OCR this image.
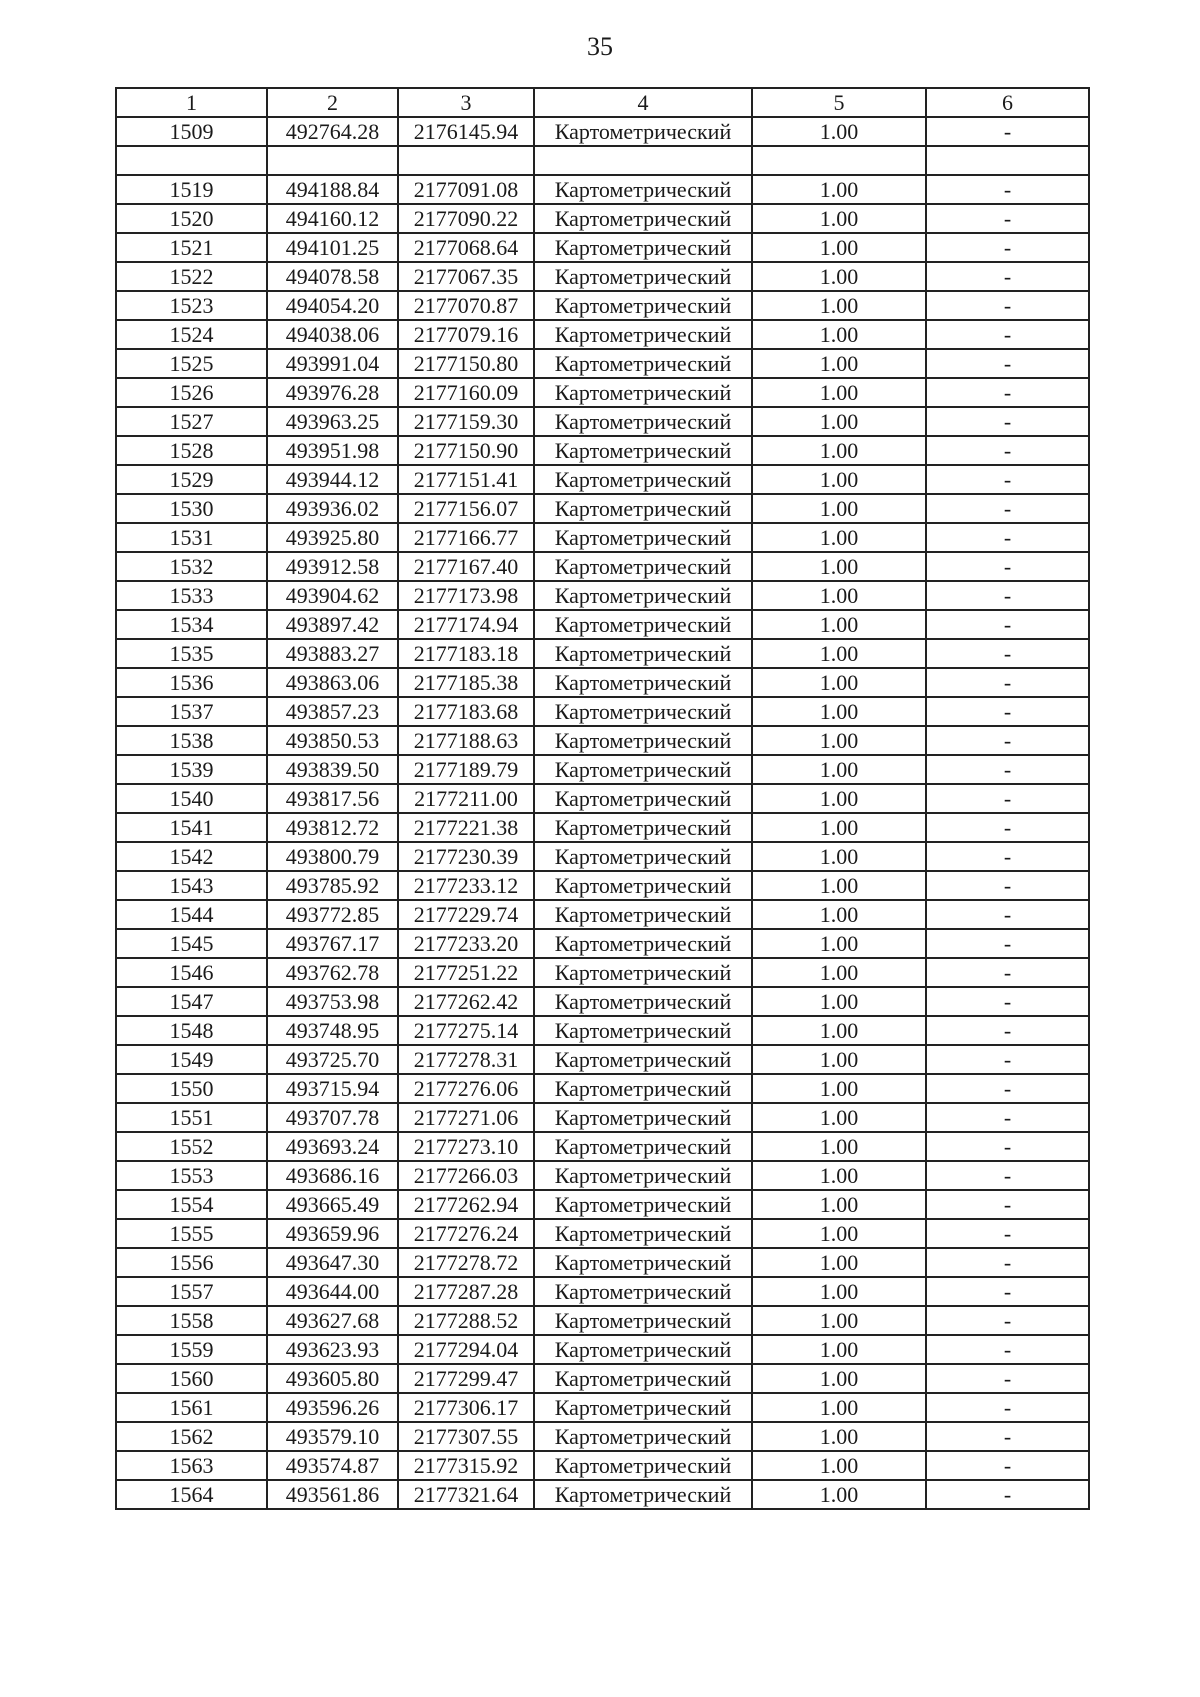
35
1	2	3	4	5	6
1509	492764.28	2176145.94	Картометрический	1.00	-

1519	494188.84	2177091.08	Картометрический	1.00	-
1520	494160.12	2177090.22	Картометрический	1.00	-
1521	494101.25	2177068.64	Картометрический	1.00	-
1522	494078.58	2177067.35	Картометрический	1.00	-
1523	494054.20	2177070.87	Картометрический	1.00	-
1524	494038.06	2177079.16	Картометрический	1.00	-
1525	493991.04	2177150.80	Картометрический	1.00	-
1526	493976.28	2177160.09	Картометрический	1.00	-
1527	493963.25	2177159.30	Картометрический	1.00	-
1528	493951.98	2177150.90	Картометрический	1.00	-
1529	493944.12	2177151.41	Картометрический	1.00	-
1530	493936.02	2177156.07	Картометрический	1.00	-
1531	493925.80	2177166.77	Картометрический	1.00	-
1532	493912.58	2177167.40	Картометрический	1.00	-
1533	493904.62	2177173.98	Картометрический	1.00	-
1534	493897.42	2177174.94	Картометрический	1.00	-
1535	493883.27	2177183.18	Картометрический	1.00	-
1536	493863.06	2177185.38	Картометрический	1.00	-
1537	493857.23	2177183.68	Картометрический	1.00	-
1538	493850.53	2177188.63	Картометрический	1.00	-
1539	493839.50	2177189.79	Картометрический	1.00	-
1540	493817.56	2177211.00	Картометрический	1.00	-
1541	493812.72	2177221.38	Картометрический	1.00	-
1542	493800.79	2177230.39	Картометрический	1.00	-
1543	493785.92	2177233.12	Картометрический	1.00	-
1544	493772.85	2177229.74	Картометрический	1.00	-
1545	493767.17	2177233.20	Картометрический	1.00	-
1546	493762.78	2177251.22	Картометрический	1.00	-
1547	493753.98	2177262.42	Картометрический	1.00	-
1548	493748.95	2177275.14	Картометрический	1.00	-
1549	493725.70	2177278.31	Картометрический	1.00	-
1550	493715.94	2177276.06	Картометрический	1.00	-
1551	493707.78	2177271.06	Картометрический	1.00	-
1552	493693.24	2177273.10	Картометрический	1.00	-
1553	493686.16	2177266.03	Картометрический	1.00	-
1554	493665.49	2177262.94	Картометрический	1.00	-
1555	493659.96	2177276.24	Картометрический	1.00	-
1556	493647.30	2177278.72	Картометрический	1.00	-
1557	493644.00	2177287.28	Картометрический	1.00	-
1558	493627.68	2177288.52	Картометрический	1.00	-
1559	493623.93	2177294.04	Картометрический	1.00	-
1560	493605.80	2177299.47	Картометрический	1.00	-
1561	493596.26	2177306.17	Картометрический	1.00	-
1562	493579.10	2177307.55	Картометрический	1.00	-
1563	493574.87	2177315.92	Картометрический	1.00	-
1564	493561.86	2177321.64	Картометрический	1.00	-
